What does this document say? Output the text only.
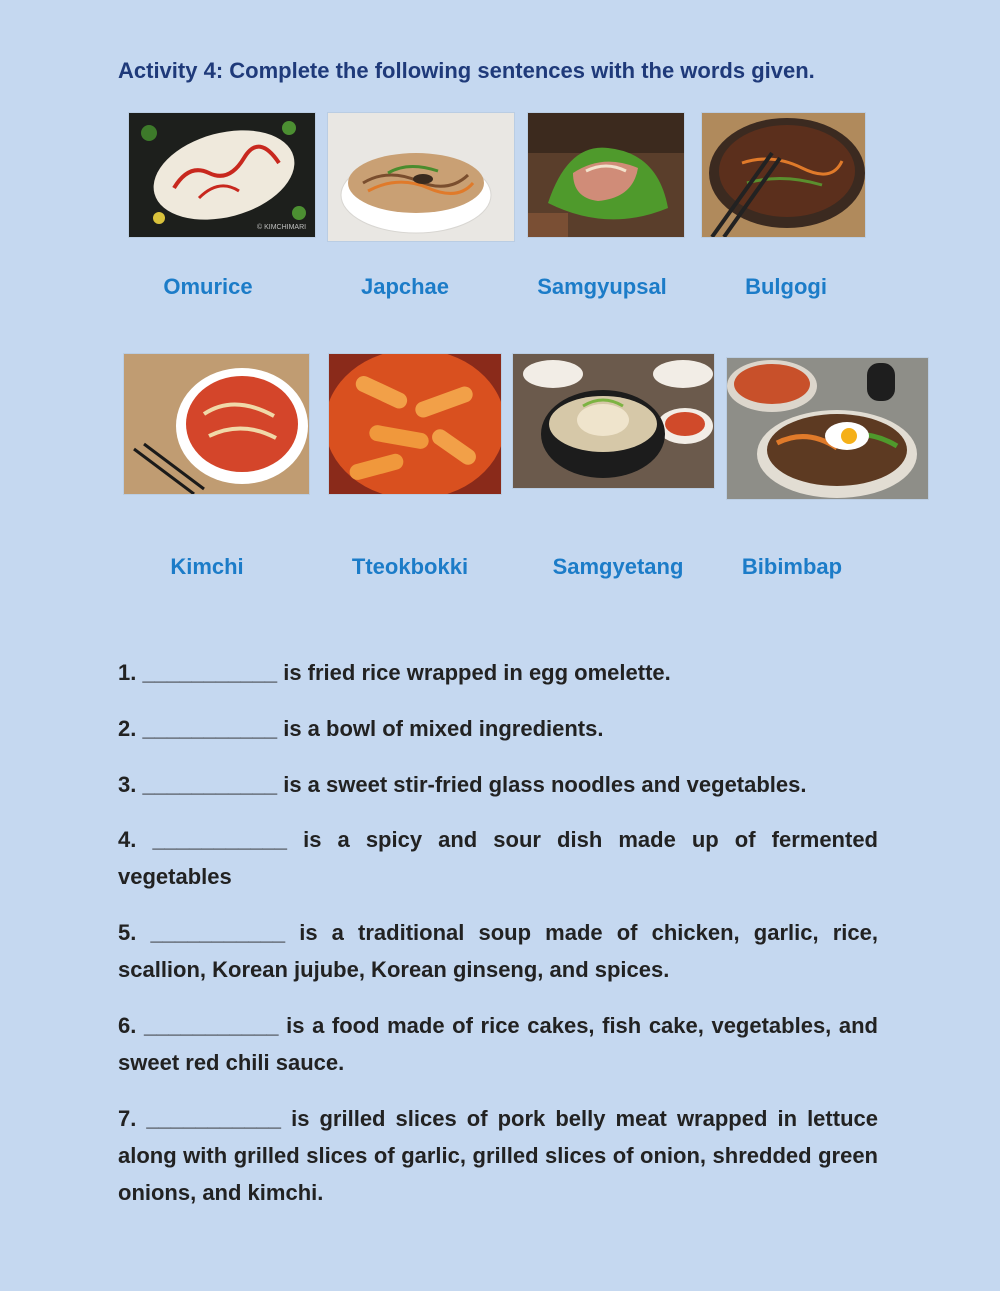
Activity 4: Complete the following sentences with the words given.
© KIMCHIMARI
Omurice	Japchae	Samgyupsal	Bulgogi
Kimchi	Tteokbokki	Samgyetang	Bibimbap
1. ___________ is fried rice wrapped in egg omelette.
2. ___________ is a bowl of mixed ingredients.
3. ___________ is a sweet stir-fried glass noodles and vegetables.
4. ___________ is a spicy and sour dish made up of fermented vegetables
5. ___________ is a traditional soup made of chicken, garlic, rice, scallion, Korean jujube, Korean ginseng, and spices.
6. ___________ is a food made of rice cakes, fish cake, vegetables, and sweet red chili sauce.
7. ___________ is grilled slices of pork belly meat wrapped in lettuce along with grilled slices of garlic, grilled slices of onion, shredded green onions, and kimchi.
